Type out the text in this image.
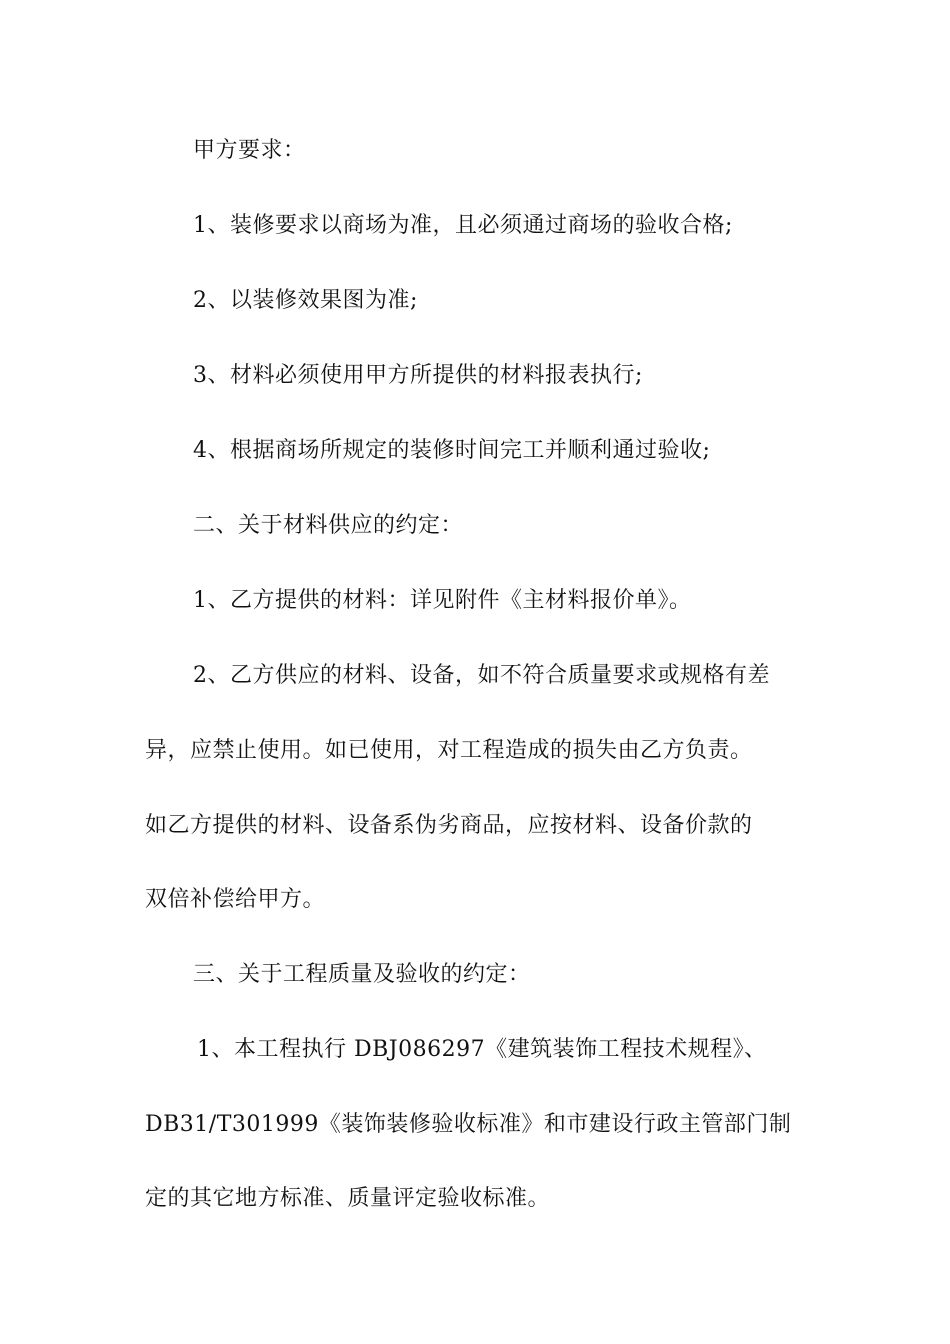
甲方要求：
1、装修要求以商场为准，且必须通过商场的验收合格;
2、以装修效果图为准;
3、材料必须使用甲方所提供的材料报表执行;
4、根据商场所规定的装修时间完工并顺利通过验收;
二、关于材料供应的约定：
1、乙方提供的材料：详见附件《主材料报价单》。
2、乙方供应的材料、设备，如不符合质量要求或规格有差
异，应禁止使用。如已使用，对工程造成的损失由乙方负责。
如乙方提供的材料、设备系伪劣商品，应按材料、设备价款的
双倍补偿给甲方。
三、关于工程质量及验收的约定：
1、本工程执行 DBJ086297《建筑装饰工程技术规程》、
DB31/T301999《装饰装修验收标准》和市建设行政主管部门制
定的其它地方标准、质量评定验收标准。
